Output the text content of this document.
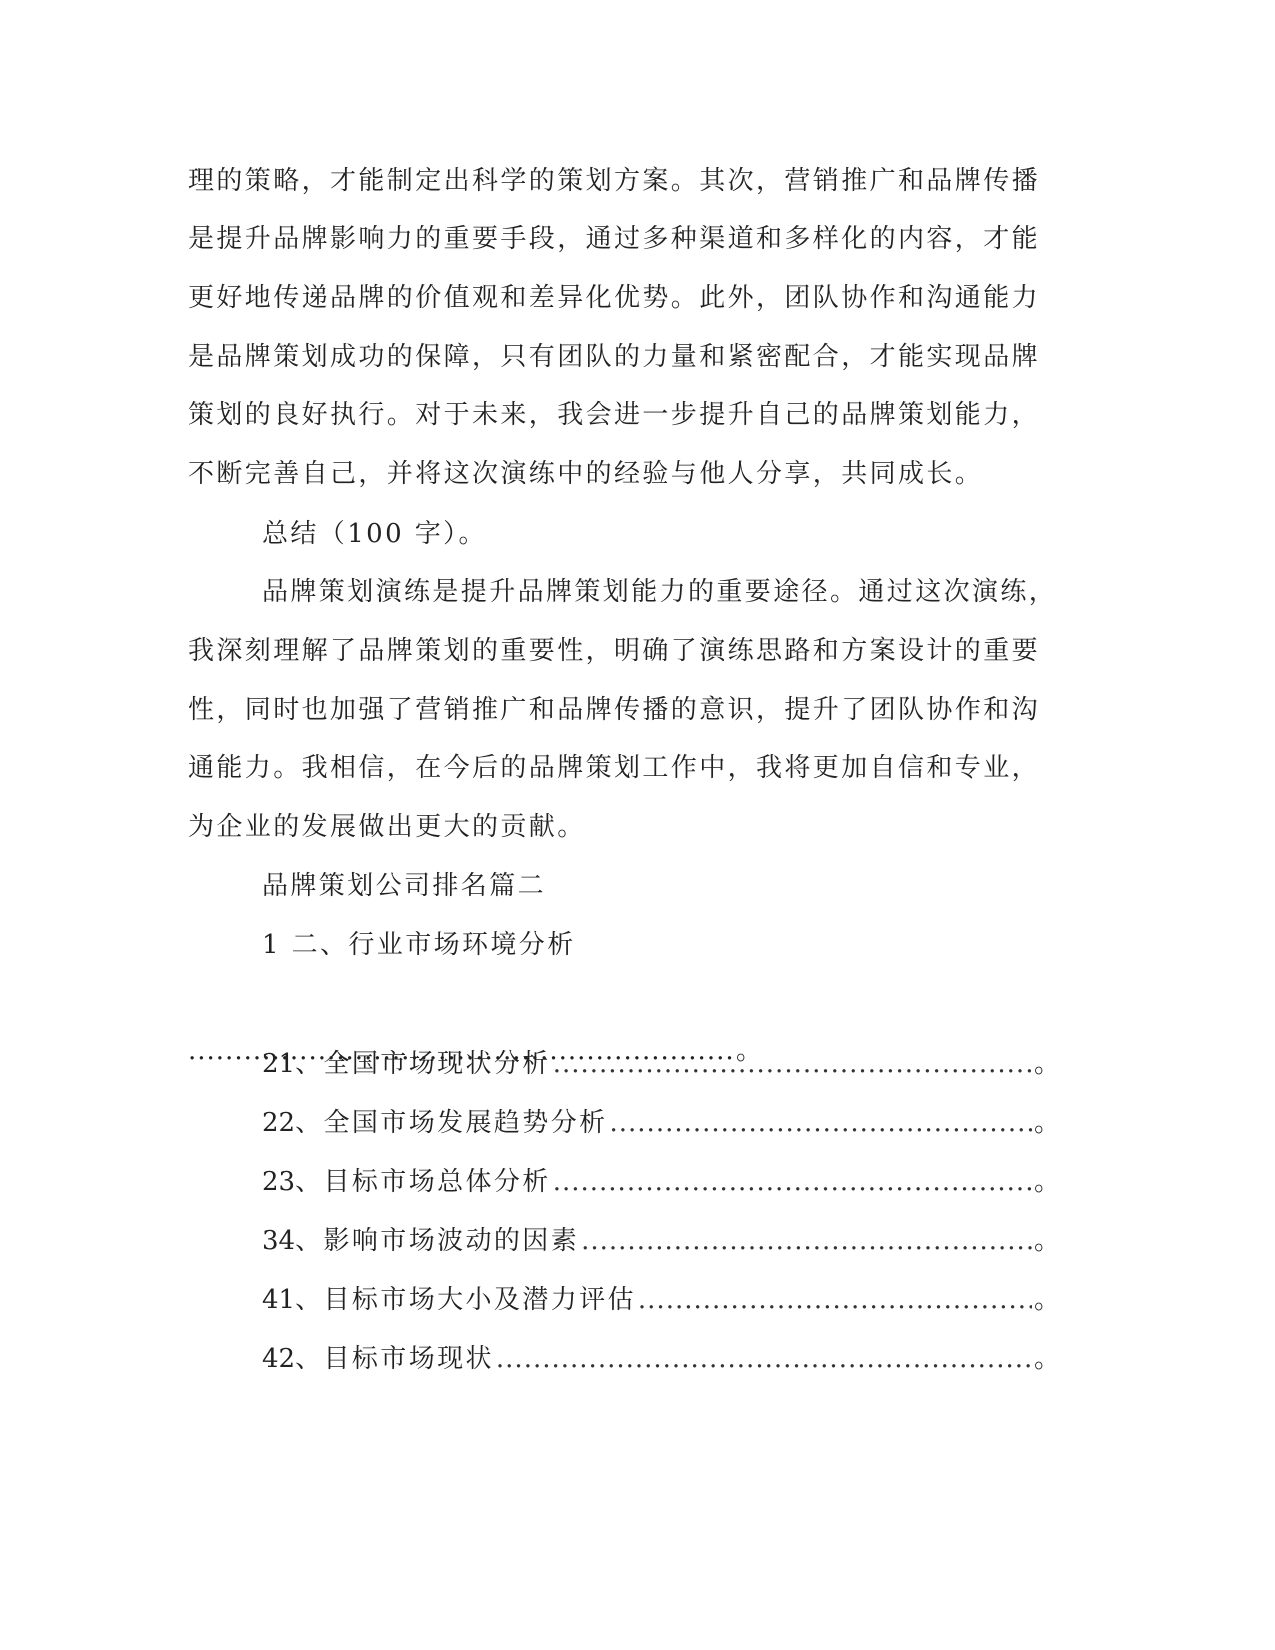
理的策略，才能制定出科学的策划方案。其次，营销推广和品牌传播
是提升品牌影响力的重要手段，通过多种渠道和多样化的内容，才能
更好地传递品牌的价值观和差异化优势。此外，团队协作和沟通能力
是品牌策划成功的保障，只有团队的力量和紧密配合，才能实现品牌
策划的良好执行。对于未来，我会进一步提升自己的品牌策划能力，
不断完善自己，并将这次演练中的经验与他人分享，共同成长。
总结（100 字）。
品牌策划演练是提升品牌策划能力的重要途径。通过这次演练，
我深刻理解了品牌策划的重要性，明确了演练思路和方案设计的重要
性，同时也加强了营销推广和品牌传播的意识，提升了团队协作和沟
通能力。我相信，在今后的品牌策划工作中，我将更加自信和专业，
为企业的发展做出更大的贡献。
品牌策划公司排名篇二
1 二、行业市场环境分析
.....。
21 、全国市场现状分析 .....	。
22 、全国市场发展趋势分析 .....	。
23 、目标市场总体分析 .....	。
34 、影响市场波动的因素 .....	。
41 、目标市场大小及潜力评估 .....	。
42 、目标市场现状 .....	。
